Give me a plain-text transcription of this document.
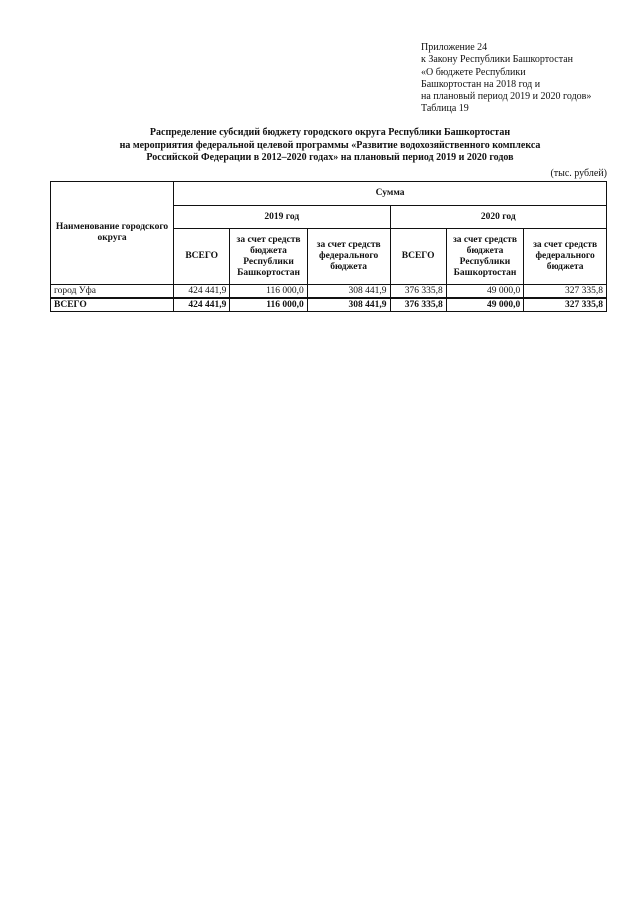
Приложение 24
к Закону Республики Башкортостан
«О бюджете Республики
Башкортостан на 2018 год и
на плановый период 2019 и 2020 годов»
Таблица 19
Распределение субсидий бюджету городского округа Республики Башкортостан
на мероприятия федеральной целевой программы «Развитие водохозяйственного комплекса
Российской Федерации в 2012–2020 годах» на плановый период 2019 и 2020 годов
(тыс. рублей)
Наименование городского округа	Сумма					
	2019 год			2020 год		
	ВСЕГО	за счет средств бюджета Республики Башкортостан	за счет средств федерального бюджета	ВСЕГО	за счет средств бюджета Республики Башкортостан	за счет средств федерального бюджета
город Уфа	424 441,9	116 000,0	308 441,9	376 335,8	49 000,0	327 335,8
ВСЕГО	424 441,9	116 000,0	308 441,9	376 335,8	49 000,0	327 335,8
